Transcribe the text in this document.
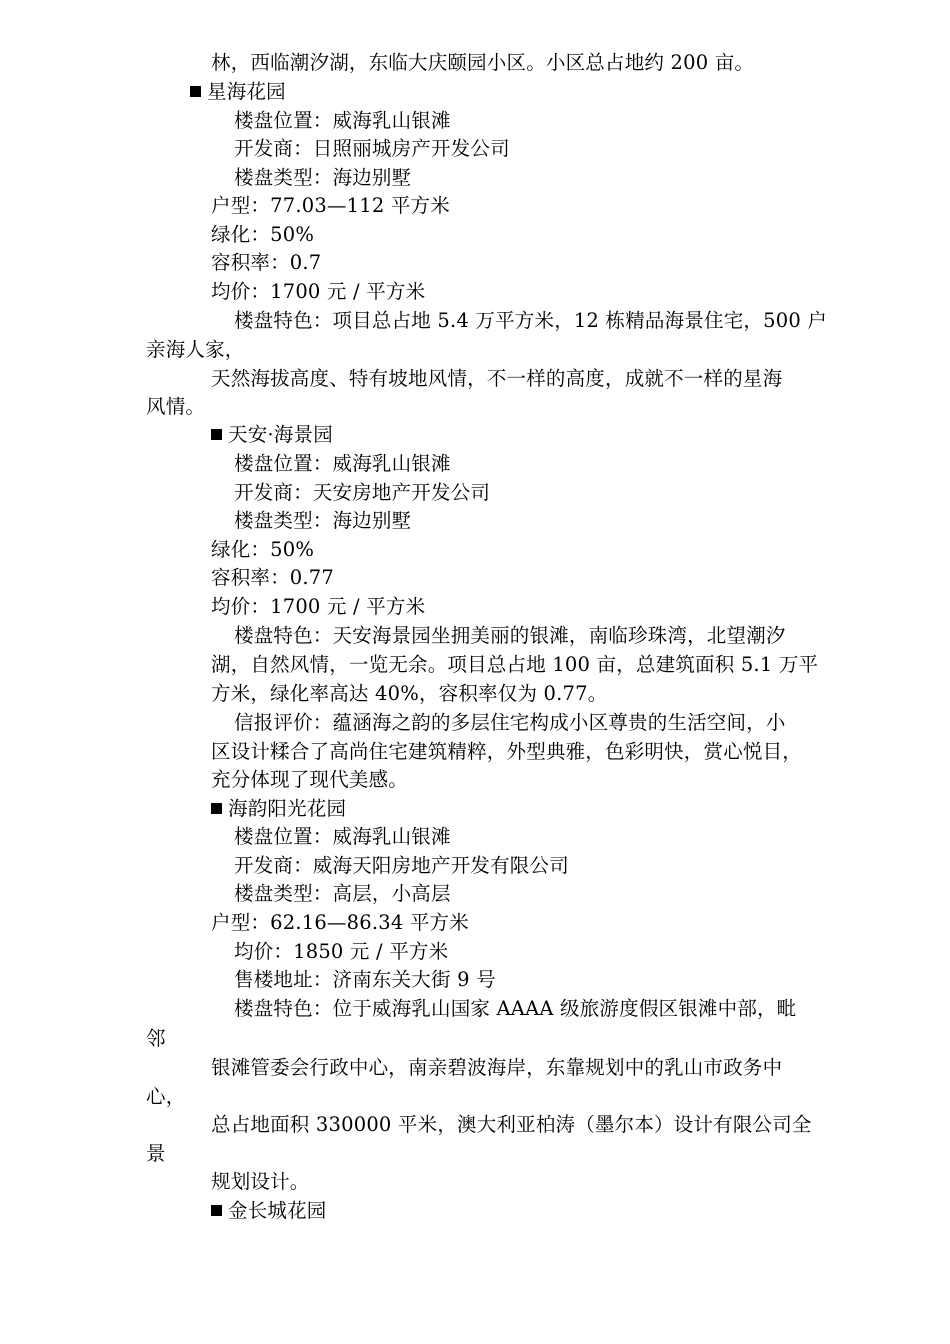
林，西临潮汐湖，东临大庆颐园小区。小区总占地约 200 亩。
星海花园
楼盘位置：威海乳山银滩
开发商：日照丽城房产开发公司
楼盘类型：海边别墅
户型：77.03—112 平方米
绿化：50%
容积率：0.7
均价：1700 元 / 平方米
楼盘特色：项目总占地 5.4 万平方米，12 栋精品海景住宅，500 户
亲海人家，
天然海拔高度、特有坡地风情，不一样的高度，成就不一样的星海
风情。
天安·海景园
楼盘位置：威海乳山银滩
开发商：天安房地产开发公司
楼盘类型：海边别墅
绿化：50%
容积率：0.77
均价：1700 元 / 平方米
楼盘特色：天安海景园坐拥美丽的银滩，南临珍珠湾，北望潮汐
湖，自然风情，一览无余。项目总占地 100 亩，总建筑面积 5.1 万平
方米，绿化率高达 40%，容积率仅为 0.77。
信报评价：蕴涵海之韵的多层住宅构成小区尊贵的生活空间，小
区设计糅合了高尚住宅建筑精粹，外型典雅，色彩明快，赏心悦目，
充分体现了现代美感。
海韵阳光花园
楼盘位置：威海乳山银滩
开发商：威海天阳房地产开发有限公司
楼盘类型：高层，小高层
户型：62.16—86.34 平方米
均价：1850 元 / 平方米
售楼地址：济南东关大街 9 号
楼盘特色：位于威海乳山国家 AAAA 级旅游度假区银滩中部，毗
邻
银滩管委会行政中心，南亲碧波海岸，东靠规划中的乳山市政务中
心，
总占地面积 330000 平米，澳大利亚柏涛（墨尔本）设计有限公司全
景
规划设计。
金长城花园
